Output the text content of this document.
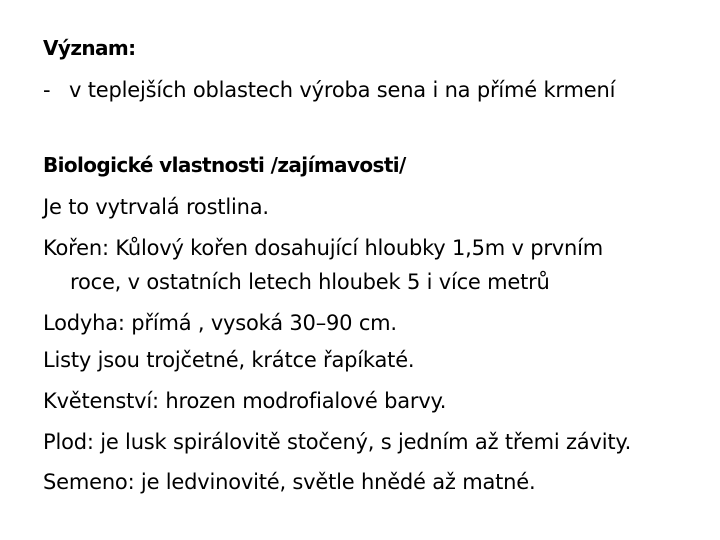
Význam:
- v teplejších oblastech výroba sena i na přímé krmení
Biologické vlastnosti /zajímavosti/
Je to vytrvalá rostlina.
Kořen: Kůlový kořen dosahující hloubky 1,5m v prvním
roce, v ostatních letech hloubek 5 i více metrů
Lodyha: přímá , vysoká 30–90 cm.
Listy jsou trojčetné, krátce řapíkaté.
Květenství: hrozen modrofialové barvy.
Plod: je lusk spirálovitě stočený, s jedním až třemi závity.
Semeno: je ledvinovité, světle hnědé až matné.
